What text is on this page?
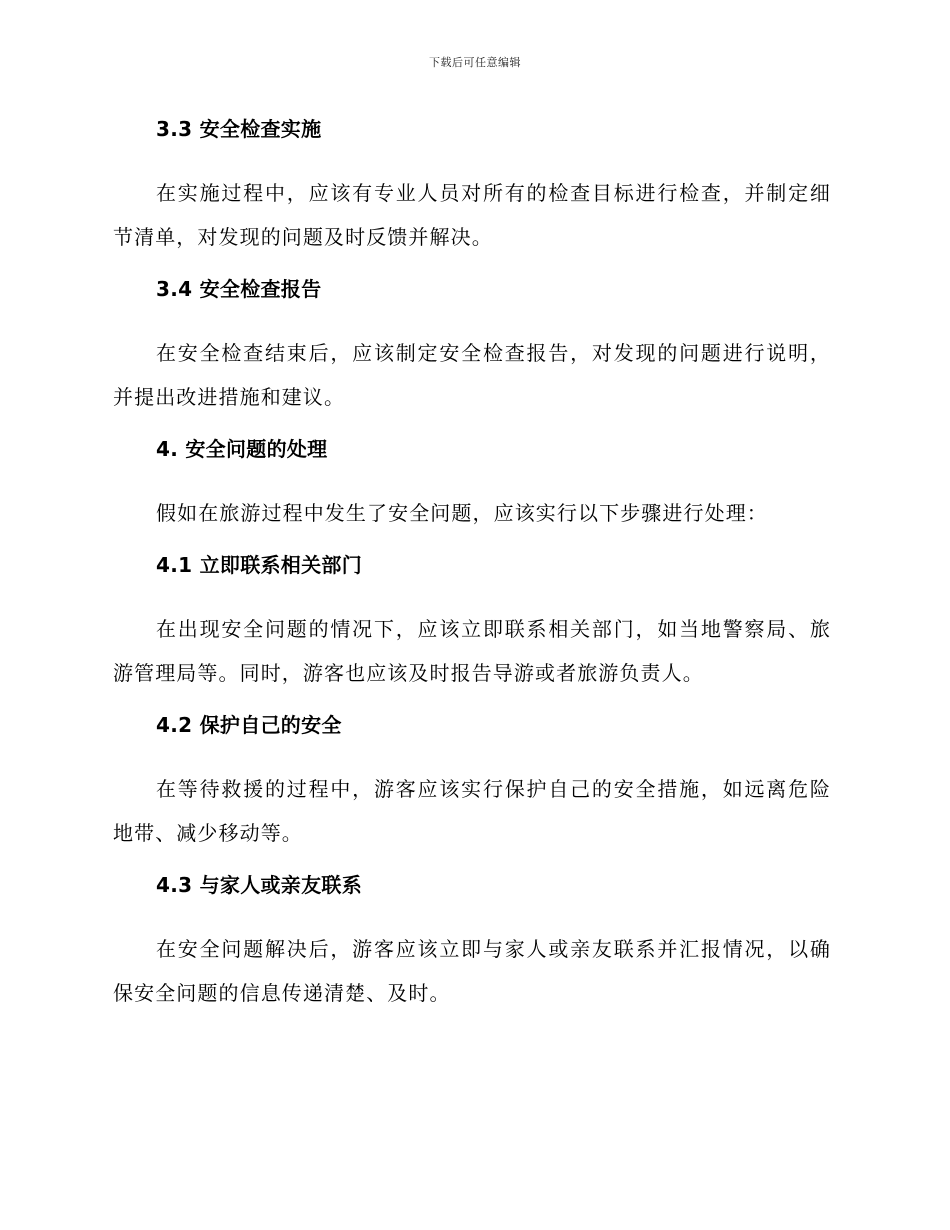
下载后可任意编辑
3.3 安全检查实施

在实施过程中，应该有专业人员对所有的检查目标进行检查，并制定细节清单，对发现的问题及时反馈并解决。

3.4 安全检查报告

在安全检查结束后，应该制定安全检查报告，对发现的问题进行说明，并提出改进措施和建议。

4. 安全问题的处理

假如在旅游过程中发生了安全问题，应该实行以下步骤进行处理：

4.1 立即联系相关部门

在出现安全问题的情况下，应该立即联系相关部门，如当地警察局、旅游管理局等。同时，游客也应该及时报告导游或者旅游负责人。

4.2 保护自己的安全

在等待救援的过程中，游客应该实行保护自己的安全措施，如远离危险地带、减少移动等。

4.3 与家人或亲友联系

在安全问题解决后，游客应该立即与家人或亲友联系并汇报情况，以确保安全问题的信息传递清楚、及时。
